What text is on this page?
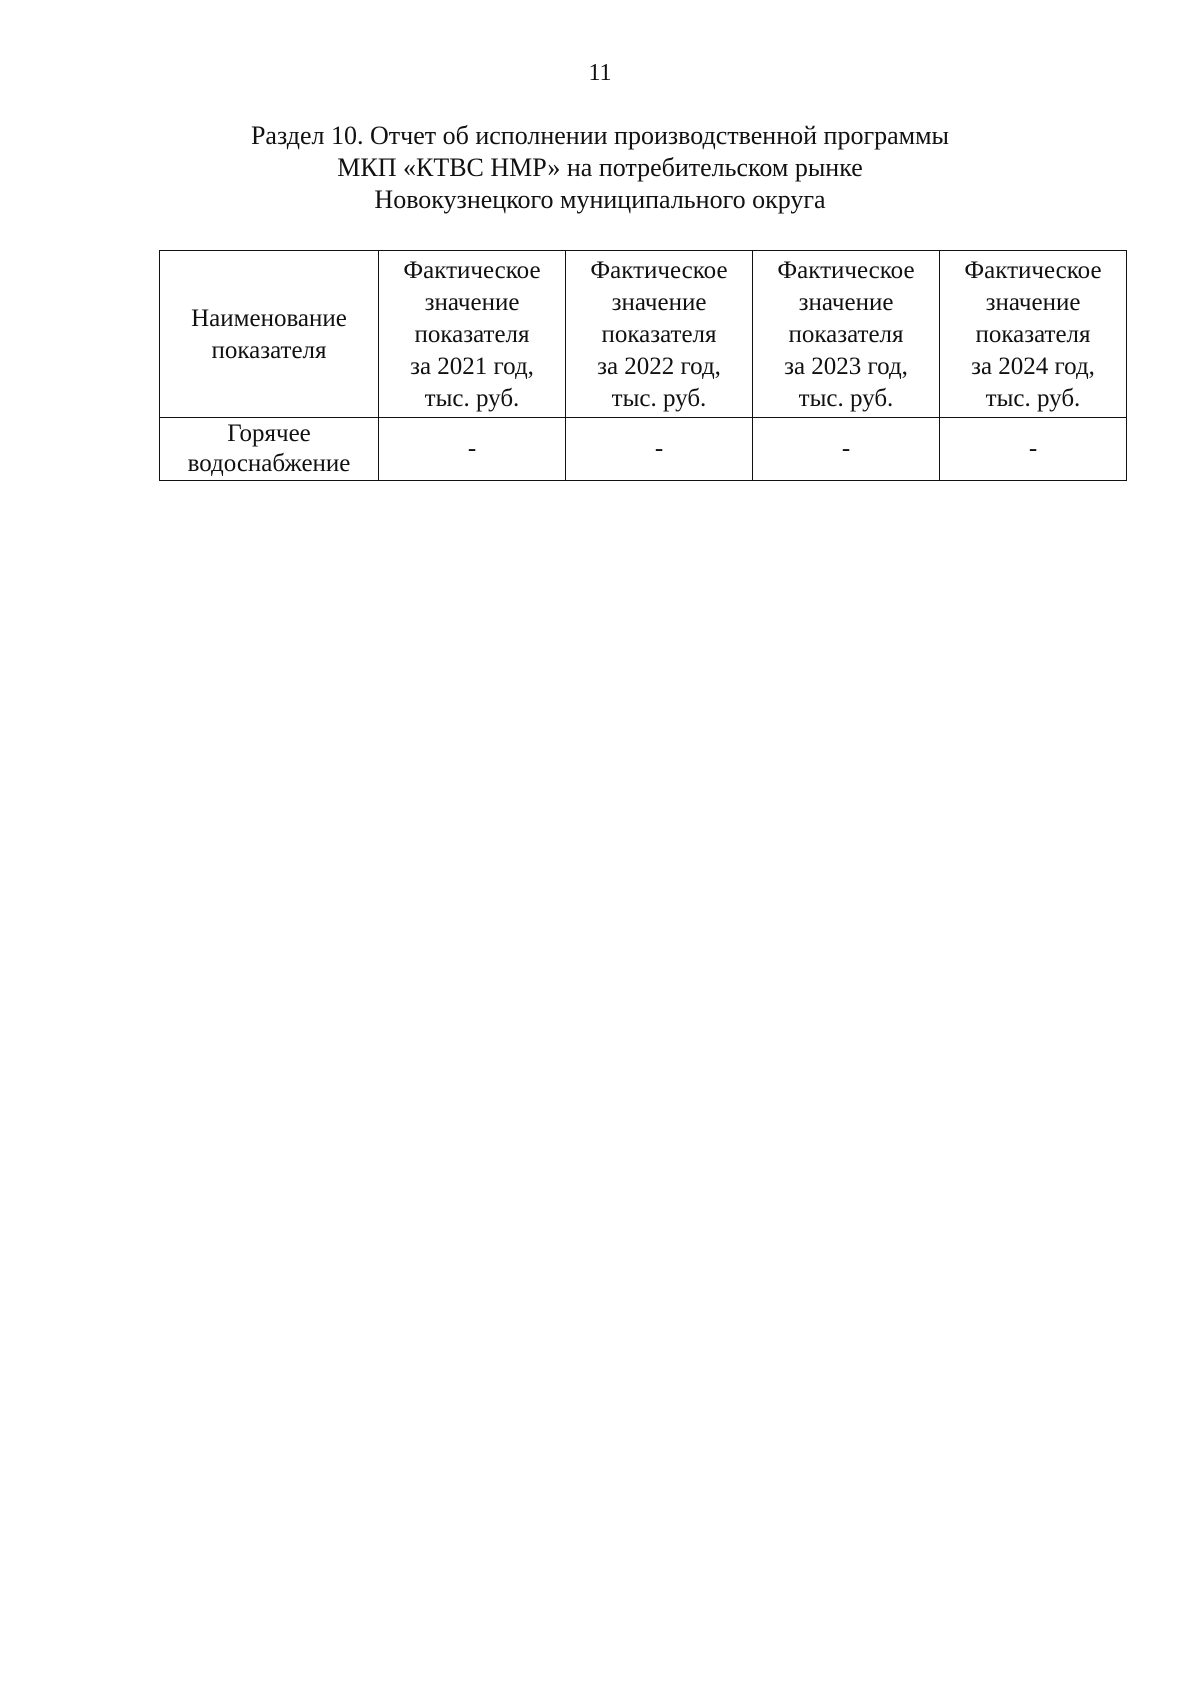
11
Раздел 10. Отчет об исполнении производственной программы
МКП «КТВС НМР» на потребительском рынке
Новокузнецкого муниципального округа
Наименование
показателя	Фактическое
значение
показателя
за 2021 год,
тыс. руб.	Фактическое
значение
показателя
за 2022 год,
тыс. руб.	Фактическое
значение
показателя
за 2023 год,
тыс. руб.	Фактическое
значение
показателя
за 2024 год,
тыс. руб.

Горячее
водоснабжение	-	-	-	-
